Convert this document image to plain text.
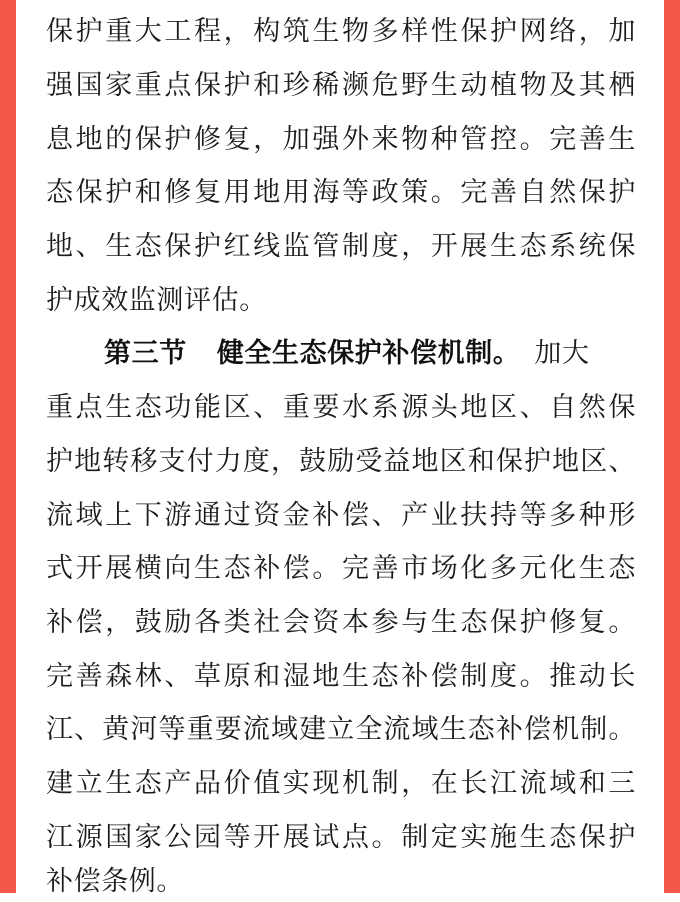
保护重大工程，构筑生物多样性保护网络，加
强国家重点保护和珍稀濒危野生动植物及其栖
息地的保护修复，加强外来物种管控。完善生
态保护和修复用地用海等政策。完善自然保护
地、生态保护红线监管制度，开展生态系统保
护成效监测评估。
第三节 健全生态保护补偿机制。 加大
重点生态功能区、重要水系源头地区、自然保
护地转移支付力度，鼓励受益地区和保护地区、
流域上下游通过资金补偿、产业扶持等多种形
式开展横向生态补偿。完善市场化多元化生态
补偿，鼓励各类社会资本参与生态保护修复。
完善森林、草原和湿地生态补偿制度。推动长
江、黄河等重要流域建立全流域生态补偿机制。
建立生态产品价值实现机制，在长江流域和三
江源国家公园等开展试点。制定实施生态保护
补偿条例。
